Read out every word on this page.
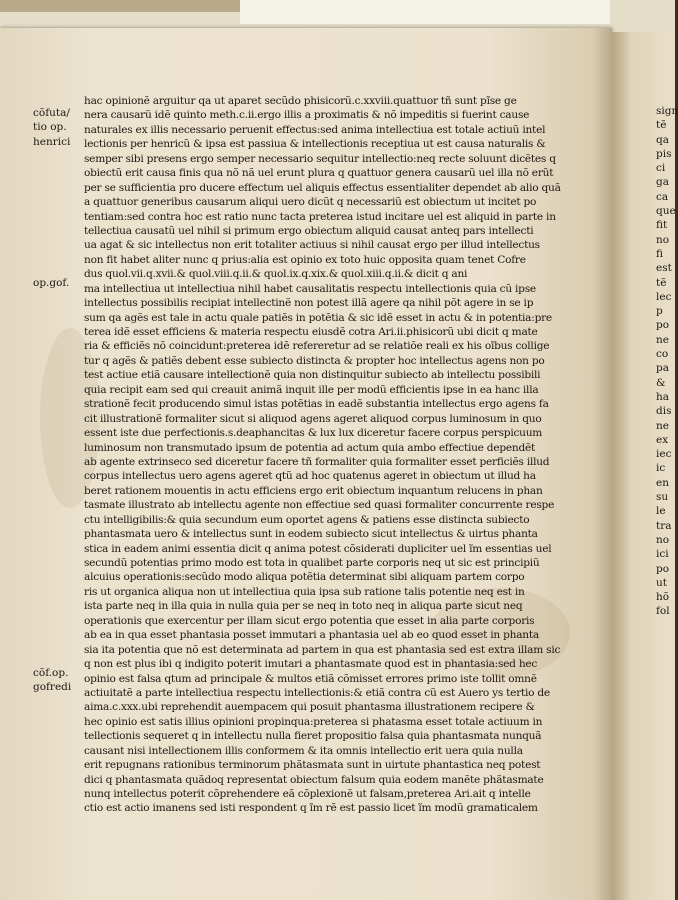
cõfuta/
tio op.
henrici
op.gof.
cõf.op.
gofredi
hac opinionẽ arguitur qa ut aparet secũdo phisicorũ.c.xxviii.quattuor tñ sunt pĩse ge
nera causarũ idẽ quinto meth.c.ii.ergo illis a proximatis & nõ impeditis si fuerint cause
naturales ex illis necessario peruenit effectus:sed anima intellectiua est totale actiuũ intel
lectionis per henricũ & ipsa est passiua & intellectionis receptiua ut est causa naturalis &
semper sibi presens ergo semper necessario sequitur intellectio:neq recte soluunt dicẽtes q
obiectũ erit causa finis qua nõ nã uel erunt plura q quattuor genera causarũ uel illa nõ erũt
per se sufficientia pro ducere effectum uel aliquis effectus essentialiter dependet ab alio quã
a quattuor generibus causarum aliqui uero dicũt q necessariũ est obiectum ut incitet po
tentiam:sed contra hoc est ratio nunc tacta preterea istud incitare uel est aliquid in parte in
tellectiua causatũ uel nihil si primum ergo obiectum aliquid causat anteq pars intellecti
ua agat & sic intellectus non erit totaliter actiuus si nihil causat ergo per illud intellectus
non fit habet aliter nunc q prius:alia est opinio ex toto huic opposita quam tenet Cofre
dus quol.vii.q.xvii.& quol.viii.q.ii.& quol.ix.q.xix.& quol.xiii.q.ii.& dicit q ani
ma intellectiua ut intellectiua nihil habet causalitatis respectu intellectionis quia cũ ipse
intellectus possibilis recipiat intellectinẽ non potest illã agere qa nihil põt agere in se ip
sum qa agẽs est tale in actu quale patiẽs in potẽtia & sic idẽ esset in actu & in potentia:pre
terea idẽ esset efficiens & materia respectu eiusdẽ cotra Ari.ii.phisicorũ ubi dicit q mate
ria & efficiẽs nõ coincidunt:preterea idẽ refereretur ad se relatiõe reali ex his oĩbus collige
tur q agẽs & patiẽs debent esse subiecto distincta & propter hoc intellectus agens non po
test actiue etiã causare intellectionẽ quia non distinquitur subiecto ab intellectu possibili
quia recipit eam sed qui creauit animã inquit ille per modũ efficientis ipse in ea hanc illa
strationẽ fecit producendo simul istas potẽtias in eadẽ substantia intellectus ergo agens fa
cit illustrationẽ formaliter sicut si aliquod agens ageret aliquod corpus luminosum in quo
essent iste due perfectionis.s.deaphancitas & lux lux diceretur facere corpus perspicuum
luminosum non transmutado ipsum de potentia ad actum quia ambo effectiue dependẽt
ab agente extrinseco sed diceretur facere tñ formaliter quia formaliter esset perficiẽs illud
corpus intellectus uero agens ageret qtũ ad hoc quatenus ageret in obiectum ut illud ha
beret rationem mouentis in actu efficiens ergo erit obiectum inquantum relucens in phan
tasmate illustrato ab intellectu agente non effectiue sed quasi formaliter concurrente respe
ctu intelligibilis:& quia secundum eum oportet agens & patiens esse distincta subiecto
phantasmata uero & intellectus sunt in eodem subiecto sicut intellectus & uirtus phanta
stica in eadem animi essentia dicit q anima potest cõsiderati dupliciter uel ĩm essentias uel
secundũ potentias primo modo est tota in qualibet parte corporis neq ut sic est principiũ
alcuius operationis:secũdo modo aliqua potẽtia determinat sibi aliquam partem corpo
ris ut organica aliqua non ut intellectiua quia ipsa sub ratione talis potentie neq est in
ista parte neq in illa quia in nulla quia per se neq in toto neq in aliqua parte sicut neq
operationis que exercentur per illam sicut ergo potentia que esset in alia parte corporis
ab ea in qua esset phantasia posset immutari a phantasia uel ab eo quod esset in phanta
sia ita potentia que nõ est determinata ad partem in qua est phantasia sed est extra illam sic
q non est plus ibi q indigito poterit imutari a phantasmate quod est in phantasia:sed hec
opinio est falsa qtum ad principale & multos etiã cõmisset errores primo iste tollit omnẽ
actiuitatẽ a parte intellectiua respectu intellectionis:& etiã contra cũ est Auero ys tertio de
aima.c.xxx.ubi reprehendit auempacem qui posuit phantasma illustrationem recipere &
hec opinio est satis illius opinioni propinqua:preterea si phatasma esset totale actiuum in
tellectionis sequeret q in intellectu nulla fieret propositio falsa quia phantasmata nunquã
causant nisi intellectionem illis conformem & ita omnis intellectio erit uera quia nulla
erit repugnans rationibus terminorum phãtasmata sunt in uirtute phantastica neq potest
dici q phantasmata quãdoq representat obiectum falsum quia eodem manẽte phãtasmate
nunq intellectus poterit cõprehendere eã cõplexionẽ ut falsam,preterea Ari.ait q intelle
ctio est actio imanens sed isti respondent q ĩm rẽ est passio licet ĩm modũ gramaticalem
sign
tẽ
qa
pis
ci
ga
ca
que
fit
no
fi
est
tẽ
lec
p
po
ne
co
pa
&
ha
dis
ne
ex
iec
ic
en
su
le
tra
no
ici
po
ut
hõ
fol
